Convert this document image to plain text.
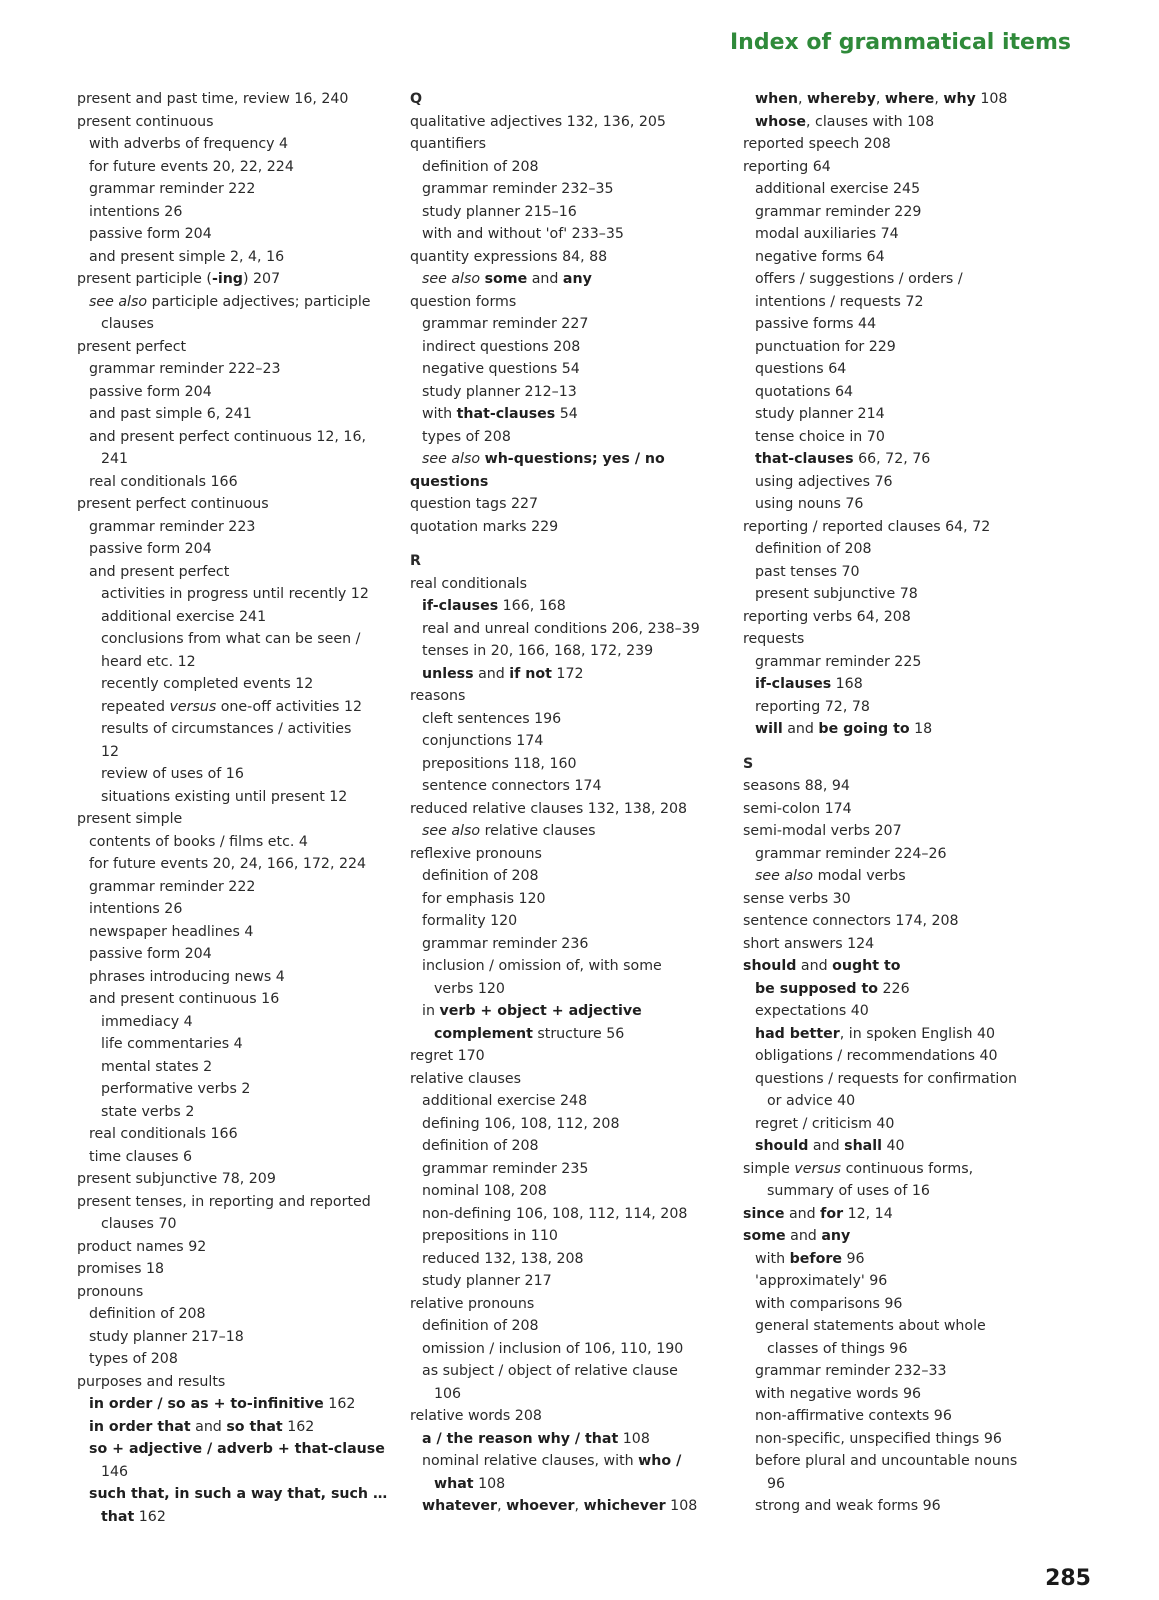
Index of grammatical items
present and past time, review 16, 240
present continuous
with adverbs of frequency 4
for future events 20, 22, 224
grammar reminder 222
intentions 26
passive form 204
and present simple 2, 4, 16
present participle (-ing) 207
see also participle adjectives; participle
clauses
present perfect
grammar reminder 222–23
passive form 204
and past simple 6, 241
and present perfect continuous 12, 16,
241
real conditionals 166
present perfect continuous
grammar reminder 223
passive form 204
and present perfect
activities in progress until recently 12
additional exercise 241
conclusions from what can be seen /
heard etc. 12
recently completed events 12
repeated versus one-off activities 12
results of circumstances / activities
12
review of uses of 16
situations existing until present 12
present simple
contents of books / films etc. 4
for future events 20, 24, 166, 172, 224
grammar reminder 222
intentions 26
newspaper headlines 4
passive form 204
phrases introducing news 4
and present continuous 16
immediacy 4
life commentaries 4
mental states 2
performative verbs 2
state verbs 2
real conditionals 166
time clauses 6
present subjunctive 78, 209
present tenses, in reporting and reported
clauses 70
product names 92
promises 18
pronouns
definition of 208
study planner 217–18
types of 208
purposes and results
in order / so as + to-infinitive 162
in order that and so that 162
so + adjective / adverb + that-clause
146
such that, in such a way that, such …
that 162
Q
qualitative adjectives 132, 136, 205
quantifiers
definition of 208
grammar reminder 232–35
study planner 215–16
with and without 'of' 233–35
quantity expressions 84, 88
see also some and any
question forms
grammar reminder 227
indirect questions 208
negative questions 54
study planner 212–13
with that-clauses 54
types of 208
see also wh-questions; yes / no
questions
question tags 227
quotation marks 229
R
real conditionals
if-clauses 166, 168
real and unreal conditions 206, 238–39
tenses in 20, 166, 168, 172, 239
unless and if not 172
reasons
cleft sentences 196
conjunctions 174
prepositions 118, 160
sentence connectors 174
reduced relative clauses 132, 138, 208
see also relative clauses
reflexive pronouns
definition of 208
for emphasis 120
formality 120
grammar reminder 236
inclusion / omission of, with some
verbs 120
in verb + object + adjective
complement structure 56
regret 170
relative clauses
additional exercise 248
defining 106, 108, 112, 208
definition of 208
grammar reminder 235
nominal 108, 208
non-defining 106, 108, 112, 114, 208
prepositions in 110
reduced 132, 138, 208
study planner 217
relative pronouns
definition of 208
omission / inclusion of 106, 110, 190
as subject / object of relative clause
106
relative words 208
a / the reason why / that 108
nominal relative clauses, with who /
what 108
whatever, whoever, whichever 108
when, whereby, where, why 108
whose, clauses with 108
reported speech 208
reporting 64
additional exercise 245
grammar reminder 229
modal auxiliaries 74
negative forms 64
offers / suggestions / orders /
intentions / requests 72
passive forms 44
punctuation for 229
questions 64
quotations 64
study planner 214
tense choice in 70
that-clauses 66, 72, 76
using adjectives 76
using nouns 76
reporting / reported clauses 64, 72
definition of 208
past tenses 70
present subjunctive 78
reporting verbs 64, 208
requests
grammar reminder 225
if-clauses 168
reporting 72, 78
will and be going to 18
S
seasons 88, 94
semi-colon 174
semi-modal verbs 207
grammar reminder 224–26
see also modal verbs
sense verbs 30
sentence connectors 174, 208
short answers 124
should and ought to
be supposed to 226
expectations 40
had better, in spoken English 40
obligations / recommendations 40
questions / requests for confirmation
or advice 40
regret / criticism 40
should and shall 40
simple versus continuous forms,
summary of uses of 16
since and for 12, 14
some and any
with before 96
'approximately' 96
with comparisons 96
general statements about whole
classes of things 96
grammar reminder 232–33
with negative words 96
non-affirmative contexts 96
non-specific, unspecified things 96
before plural and uncountable nouns
96
strong and weak forms 96
285
